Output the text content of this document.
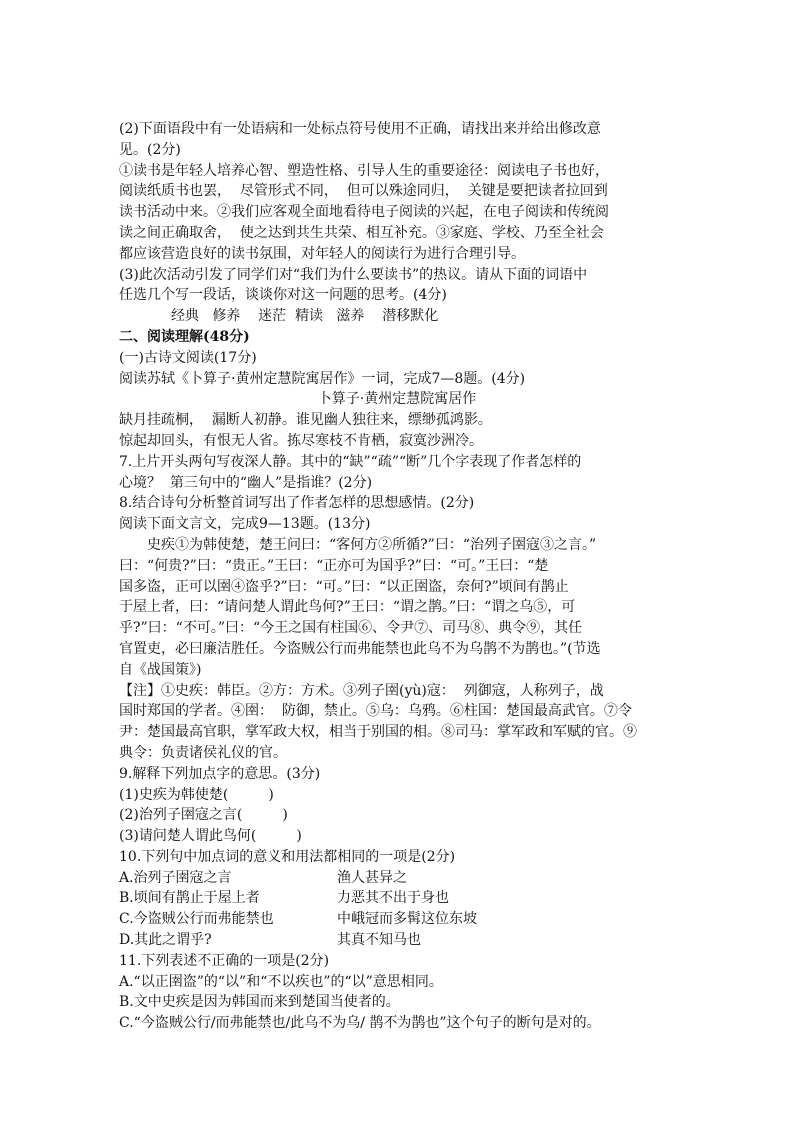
(2)下面语段中有一处语病和一处标点符号使用不正确，请找出来并给出修改意

见。(2分)

①读书是年轻人培养心智、塑造性格、引导人生的重要途径：阅读电子书也好，

阅读纸质书也罢，  尽管形式不同，  但可以殊途同归，  关键是要把读者拉回到

读书活动中来。②我们应客观全面地看待电子阅读的兴起，在电子阅读和传统阅

读之间正确取舍，  使之达到共生共荣、相互补充。③家庭、学校、乃至全社会

都应该营造良好的读书氛围，对年轻人的阅读行为进行合理引导。

(3)此次活动引发了同学们对“我们为什么要读书”的热议。请从下面的词语中

任选几个写一段话，谈谈你对这一问题的思考。(4分)

经典   修养    迷茫  精读   滋养    潜移默化

二、阅读理解(48分)

(一)古诗文阅读(17分)

阅读苏轼《卜算子·黄州定慧院寓居作》一词，完成7—8题。(4分)

卜算子·黄州定慧院寓居作

缺月挂疏桐，  漏断人初静。谁见幽人独往来，缥缈孤鸿影。

惊起却回头，有恨无人省。拣尽寒枝不肯栖，寂寞沙洲冷。

7.上片开头两句写夜深人静。其中的“缺”“疏”“断”几个字表现了作者怎样的

心境？  第三句中的“幽人”是指谁？(2分)

8.结合诗句分析整首词写出了作者怎样的思想感情。(2分)

阅读下面文言文，完成9—13题。(13分)

史疾①为韩使楚，楚王问曰：“客何方②所循?”曰：“治列子圉寇③之言。”

曰：“何贵?”曰：“贵正。”王曰：“正亦可为国乎?”曰：“可。”王曰：“楚

国多盗，正可以圉④盗乎?”曰：“可。”曰：“以正圉盗，奈何?”顷间有鹊止

于屋上者，曰：“请问楚人谓此鸟何?”王曰：“谓之鹊。”曰：“谓之乌⑤，可

乎?”曰：“不可。”曰：“今王之国有柱国⑥、令尹⑦、司马⑧、典令⑨，其任

官置吏，必曰廉洁胜任。今盗贼公行而弗能禁也此乌不为乌鹊不为鹊也。”(节选

自《战国策》)

【注】①史疾：韩臣。②方：方术。③列子圉(yù)寇：  列御寇，人称列子，战

国时郑国的学者。④圉：  防御，禁止。⑤乌：乌鸦。⑥柱国：楚国最高武官。⑦令

尹：楚国最高官职，掌军政大权，相当于别国的相。⑧司马：掌军政和军赋的官。⑨

典令：负责诸侯礼仪的官。

9.解释下列加点字的意思。(3分)

(1)史疾为韩使楚(         )

(2)治列子圉寇之言(         )

(3)请问楚人谓此鸟何(         )

10.下列句中加点词的意义和用法都相同的一项是(2分)

A.治列子圉寇之言	渔人甚异之

B.顷间有鹊止于屋上者	力恶其不出于身也

C.今盗贼公行而弗能禁也	中峨冠而多髯这位东坡

D.其此之谓乎?	其真不知马也

11.下列表述不正确的一项是(2分)

A.“以正圉盗”的“以”和“不以疾也”的“以”意思相同。

B.文中史疾是因为韩国而来到楚国当使者的。

C.“今盗贼公行/而弗能禁也/此乌不为乌/ 鹊不为鹊也”这个句子的断句是对的。
